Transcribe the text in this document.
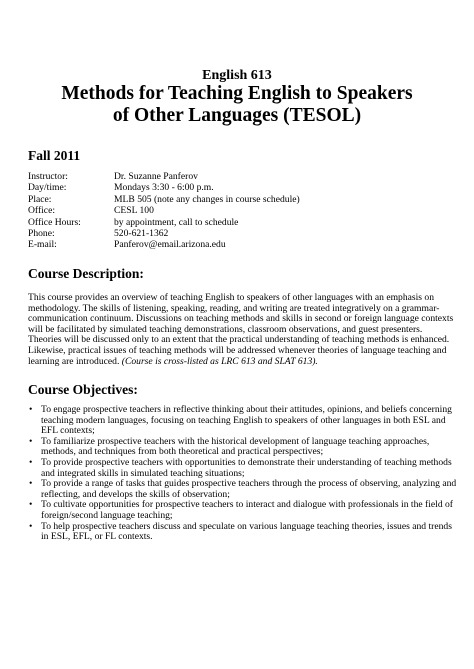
English 613
Methods for Teaching English to Speakers
of Other Languages (TESOL)
Fall 2011
Instructor:	Dr. Suzanne Panferov
Day/time:	Mondays 3:30 - 6:00 p.m.
Place:	MLB 505 (note any changes in course schedule)
Office:	CESL 100
Office Hours:	by appointment, call to schedule
Phone:	520-621-1362
E-mail:	Panferov@email.arizona.edu
Course Description:
This course provides an overview of teaching English to speakers of other languages with an emphasis on
methodology. The skills of listening, speaking, reading, and writing are treated integratively on a grammar-
communication continuum. Discussions on teaching methods and skills in second or foreign language contexts
will be facilitated by simulated teaching demonstrations, classroom observations, and guest presenters.
Theories will be discussed only to an extent that the practical understanding of teaching methods is enhanced.
Likewise, practical issues of teaching methods will be addressed whenever theories of language teaching and
learning are introduced. (Course is cross-listed as LRC 613 and SLAT 613).
Course Objectives:
• To engage prospective teachers in reflective thinking about their attitudes, opinions, and beliefs concerning
teaching modern languages, focusing on teaching English to speakers of other languages in both ESL and
EFL contexts;
• To familiarize prospective teachers with the historical development of language teaching approaches,
methods, and techniques from both theoretical and practical perspectives;
• To provide prospective teachers with opportunities to demonstrate their understanding of teaching methods
and integrated skills in simulated teaching situations;
• To provide a range of tasks that guides prospective teachers through the process of observing, analyzing and
reflecting, and develops the skills of observation;
• To cultivate opportunities for prospective teachers to interact and dialogue with professionals in the field of
foreign/second language teaching;
• To help prospective teachers discuss and speculate on various language teaching theories, issues and trends
in ESL, EFL, or FL contexts.
